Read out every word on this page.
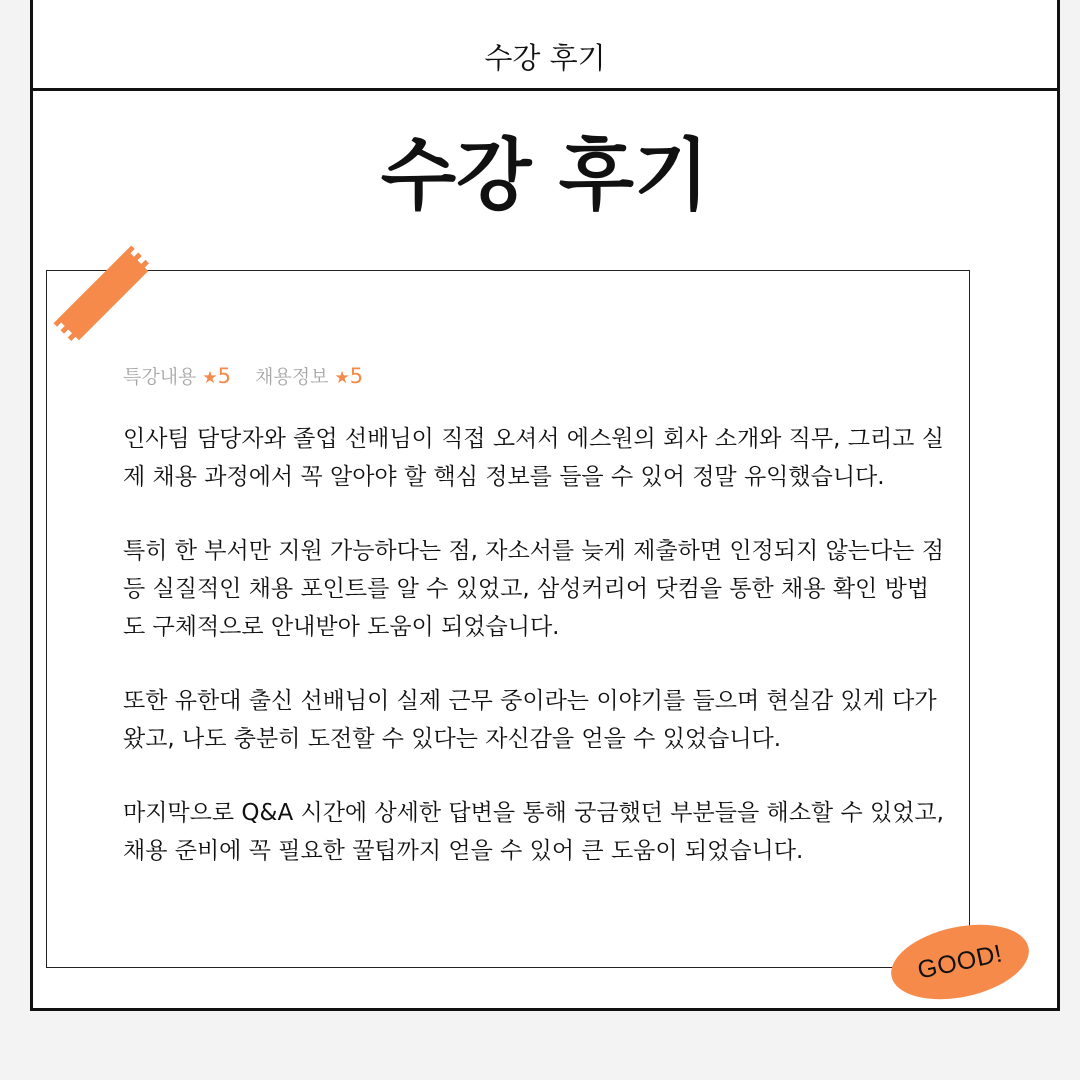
수강 후기
수강 후기
특강내용 ★5 채용정보 ★5

인사팀 담당자와 졸업 선배님이 직접 오셔서 에스원의 회사 소개와 직무, 그리고 실
제 채용 과정에서 꼭 알아야 할 핵심 정보를 들을 수 있어 정말 유익했습니다.

특히 한 부서만 지원 가능하다는 점, 자소서를 늦게 제출하면 인정되지 않는다는 점
등 실질적인 채용 포인트를 알 수 있었고, 삼성커리어 닷컴을 통한 채용 확인 방법
도 구체적으로 안내받아 도움이 되었습니다.

또한 유한대 출신 선배님이 실제 근무 중이라는 이야기를 들으며 현실감 있게 다가
왔고, 나도 충분히 도전할 수 있다는 자신감을 얻을 수 있었습니다.

마지막으로 Q&A 시간에 상세한 답변을 통해 궁금했던 부분들을 해소할 수 있었고,
채용 준비에 꼭 필요한 꿀팁까지 얻을 수 있어 큰 도움이 되었습니다.

GOOD!
